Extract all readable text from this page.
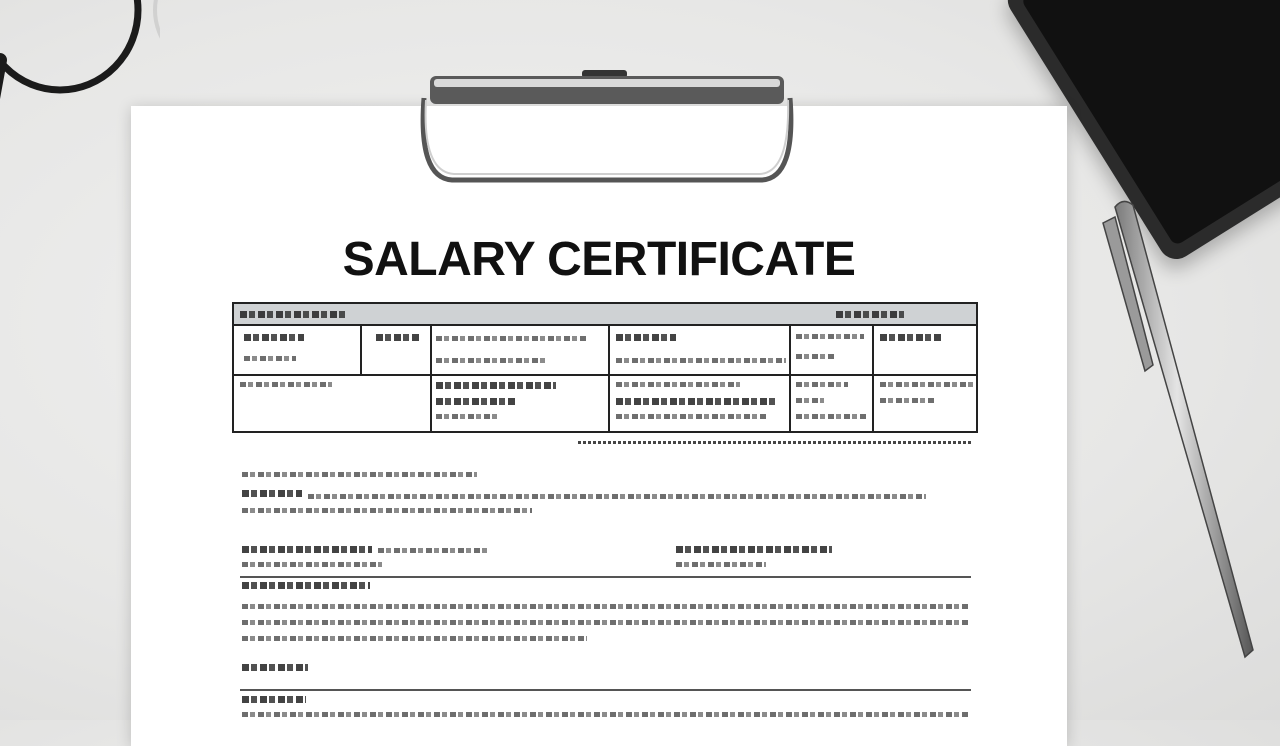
SALARY CERTIFICATE
